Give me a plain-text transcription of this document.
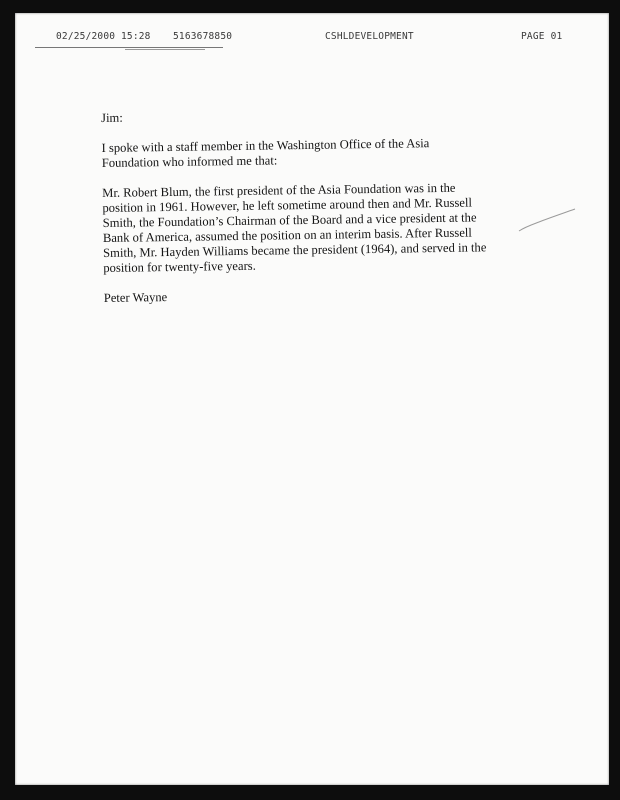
02/25/2000 15:28 5163678850	CSHLDEVELOPMENT	PAGE 01

Jim:

I spoke with a staff member in the Washington Office of the Asia

Foundation who informed me that:

Mr. Robert Blum, the first president of the Asia Foundation was in the

position in 1961. However, he left sometime around then and Mr. Russell

Smith, the Foundation’s Chairman of the Board and a vice president at the

Bank of America, assumed the position on an interim basis. After Russell

Smith, Mr. Hayden Williams became the president (1964), and served in the

position for twenty-five years.

Peter Wayne
